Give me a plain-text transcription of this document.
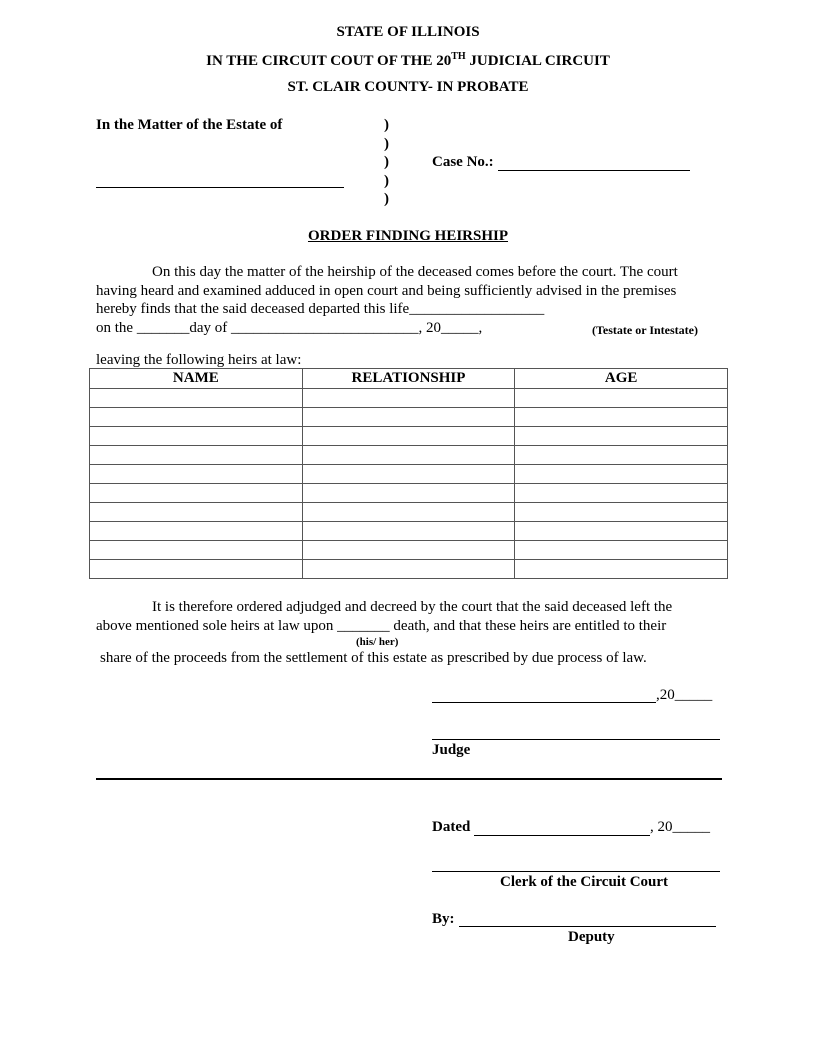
STATE OF ILLINOIS
IN THE CIRCUIT COUT OF THE 20TH JUDICIAL CIRCUIT
ST. CLAIR COUNTY- IN PROBATE
In the Matter of the Estate of	)
)
)
)
)
Case No.:
ORDER FINDING HEIRSHIP
On this day the matter of the heirship of the deceased comes before the court. The court
having heard and examined adduced in open court and being sufficiently advised in the premises
hereby finds that the said deceased departed this life__________________
on the _______day of _________________________, 20_____,	(Testate or Intestate)
leaving the following heirs at law:
NAME	RELATIONSHIP	AGE

It is therefore ordered adjudged and decreed by the court that the said deceased left the
above mentioned sole heirs at law upon _______ death, and that these heirs are entitled to their
(his/ her)
share of the proceeds from the settlement of this estate as prescribed by due process of law.
,20_____
Judge
Dated	, 20_____
Clerk of the Circuit Court
By:
Deputy
